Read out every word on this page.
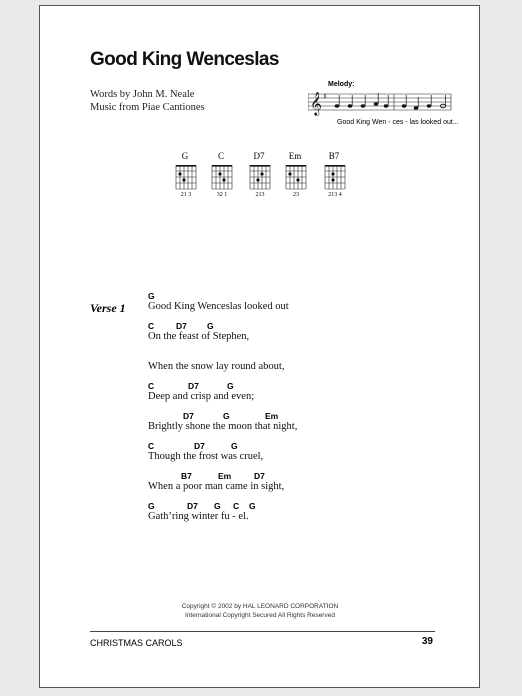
Good King Wenceslas
Words by John M. Neale
Music from Piae Cantiones
Melody:
𝄞 ♯
Good King Wen - ces - las looked out...
G
21 3
C
32 1
D7
213
Em
23
B7
213 4
Verse 1
G
Good King Wenceslas looked out
C	D7 G
On the feast of Stephen,
When the snow lay round about,
C	D7	G
Deep and crisp and even;
D7	G	Em
Brightly shone the moon that night,
C	D7	G
Though the frost was cruel,
B7	Em	D7
When a poor man came in sight,
G	D7 G C G
Gath’ring winter fu - el.
Copyright © 2002 by HAL LEONARD CORPORATION
International Copyright Secured All Rights Reserved
CHRISTMAS CAROLS	39
